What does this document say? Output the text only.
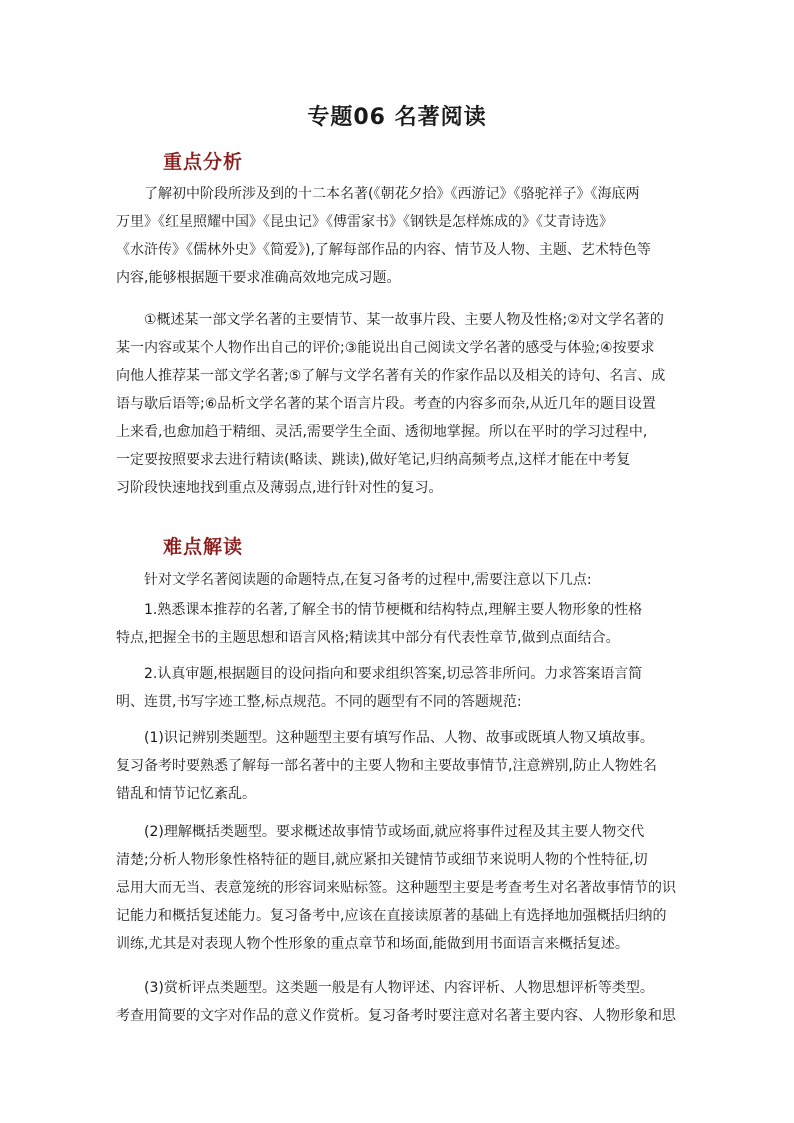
专题06 名著阅读
重点分析
了解初中阶段所涉及到的十二本名著(《朝花夕拾》《西游记》《骆驼祥子》《海底两
万里》《红星照耀中国》《昆虫记》《傅雷家书》《钢铁是怎样炼成的》《艾青诗选》
《水浒传》《儒林外史》《简爱》),了解每部作品的内容、情节及人物、主题、艺术特色等
内容,能够根据题干要求准确高效地完成习题。
①概述某一部文学名著的主要情节、某一故事片段、主要人物及性格;②对文学名著的
某一内容或某个人物作出自己的评价;③能说出自己阅读文学名著的感受与体验;④按要求
向他人推荐某一部文学名著;⑤了解与文学名著有关的作家作品以及相关的诗句、名言、成
语与歇后语等;⑥品析文学名著的某个语言片段。考查的内容多而杂,从近几年的题目设置
上来看,也愈加趋于精细、灵活,需要学生全面、透彻地掌握。所以在平时的学习过程中,
一定要按照要求去进行精读(略读、跳读),做好笔记,归纳高频考点,这样才能在中考复
习阶段快速地找到重点及薄弱点,进行针对性的复习。
难点解读
针对文学名著阅读题的命题特点,在复习备考的过程中,需要注意以下几点:
1.熟悉课本推荐的名著,了解全书的情节梗概和结构特点,理解主要人物形象的性格
特点,把握全书的主题思想和语言风格;精读其中部分有代表性章节,做到点面结合。
2.认真审题,根据题目的设问指向和要求组织答案,切忌答非所问。力求答案语言简
明、连贯,书写字迹工整,标点规范。不同的题型有不同的答题规范:
(1)识记辨别类题型。这种题型主要有填写作品、人物、故事或既填人物又填故事。
复习备考时要熟悉了解每一部名著中的主要人物和主要故事情节,注意辨别,防止人物姓名
错乱和情节记忆紊乱。
(2)理解概括类题型。要求概述故事情节或场面,就应将事件过程及其主要人物交代
清楚;分析人物形象性格特征的题目,就应紧扣关键情节或细节来说明人物的个性特征,切
忌用大而无当、表意笼统的形容词来贴标签。这种题型主要是考查考生对名著故事情节的识
记能力和概括复述能力。复习备考中,应该在直接读原著的基础上有选择地加强概括归纳的
训练,尤其是对表现人物个性形象的重点章节和场面,能做到用书面语言来概括复述。
(3)赏析评点类题型。这类题一般是有人物评述、内容评析、人物思想评析等类型。
考查用简要的文字对作品的意义作赏析。复习备考时要注意对名著主要内容、人物形象和思
